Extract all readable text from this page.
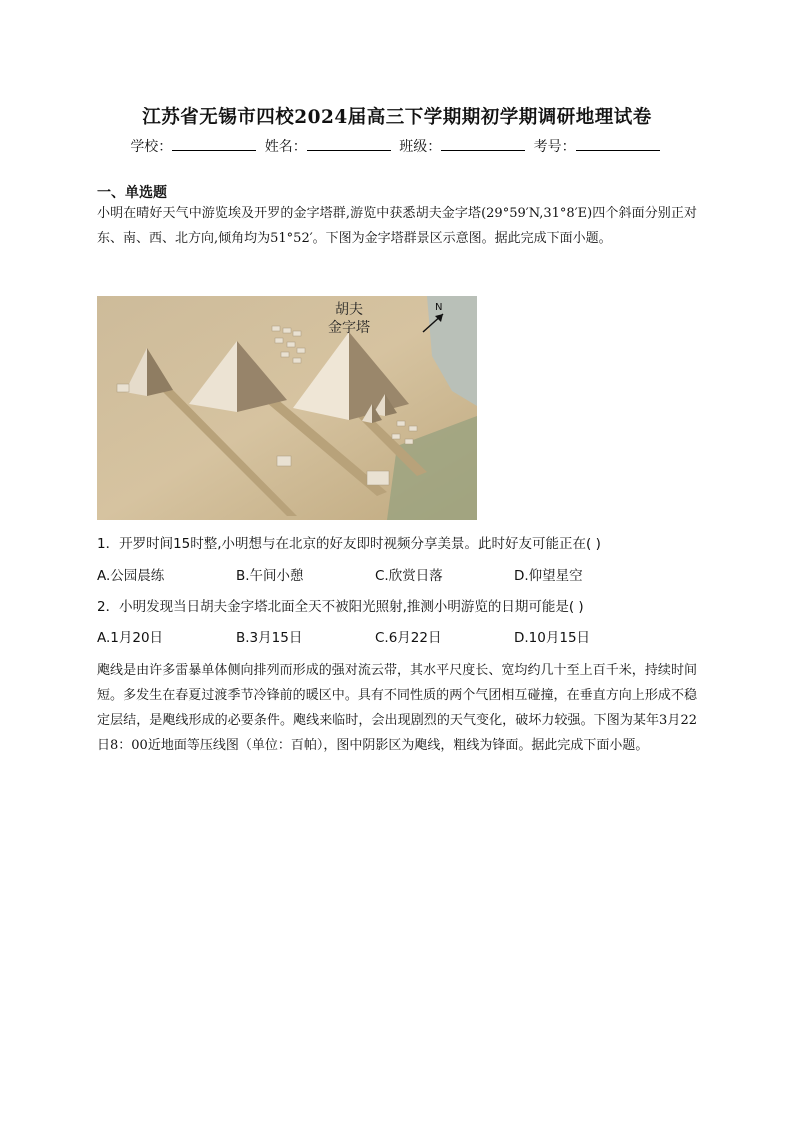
江苏省无锡市四校2024届高三下学期期初学期调研地理试卷
学校：	姓名：	班级：	考号：
一、单选题
小明在晴好天气中游览埃及开罗的金字塔群,游览中获悉胡夫金字塔(29°59′N,31°8′E)四个斜面分别正对东、南、西、北方向,倾角均为51°52′。下图为金字塔群景区示意图。据此完成下面小题。
胡夫
金字塔
N
1．开罗时间15时整,小明想与在北京的好友即时视频分享美景。此时好友可能正在( )
A.公园晨练	B.午间小憩	C.欣赏日落	D.仰望星空
2．小明发现当日胡夫金字塔北面全天不被阳光照射,推测小明游览的日期可能是( )
A.1月20日	B.3月15日	C.6月22日	D.10月15日
飑线是由许多雷暴单体侧向排列而形成的强对流云带，其水平尺度长、宽均约几十至上百千米，持续时间短。多发生在春夏过渡季节冷锋前的暖区中。具有不同性质的两个气团相互碰撞，在垂直方向上形成不稳定层结，是飑线形成的必要条件。飑线来临时，会出现剧烈的天气变化，破坏力较强。下图为某年3月22日8：00近地面等压线图（单位：百帕），图中阴影区为飑线，粗线为锋面。据此完成下面小题。
